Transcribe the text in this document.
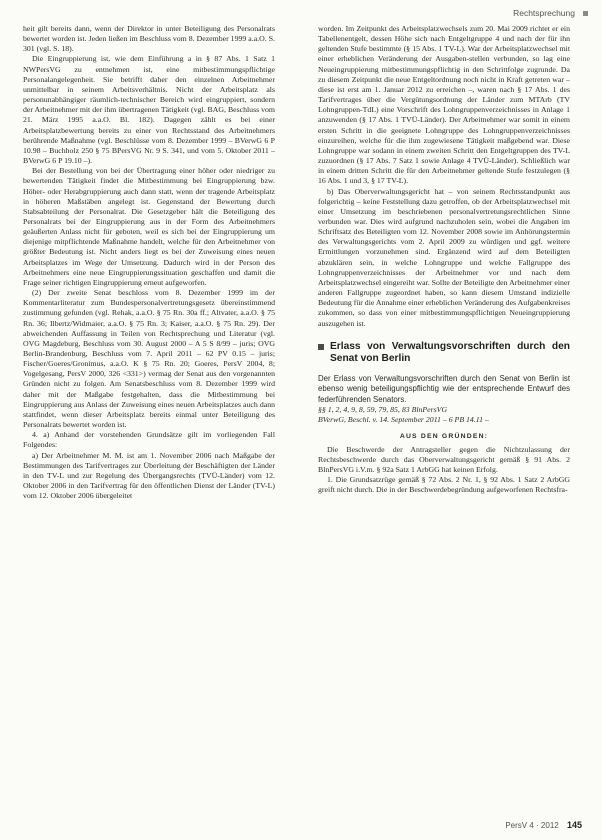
Rechtsprechung

heit gilt bereits dann, wenn der Direktor in unter Beteiligung des Personalrats bewertet worden ist. Jeden ließen im Beschluss vom 8. Dezember 1999 a.a.O. S. 301 (vgl. S. 18).

Die Eingruppierung ist, wie dem Einführung a in § 87 Abs. 1 Satz 1 NWPersVG zu entnehmen ist, eine mitbestimmungspflichtige Personalangelegenheit. Sie betrifft daher den einzelnen Arbeitnehmer unmittelbar in seinem Arbeitsverhältnis. Nicht der Arbeitsplatz als personunabhängiger räumlich-technischer Bereich wird eingruppiert, sondern der Arbeitnehmer mit der ihm übertragenen Tätigkeit (vgl. BAG, Beschluss vom 21. März 1995 a.a.O. Bl. 182). Dagegen zählt es bei einer Arbeitsplatzbewertung bereits zu einer von Rechtsstand des Arbeitnehmers berührende Maßnahme (vgl. Beschlüsse vom 8. Dezember 1999 – BVerwG 6 P 10.98 – Buchholz 250 § 75 BPersVG Nr. 9 S. 341, und vom 5. Oktober 2011 – BVerwG 6 P 19.10 –).

Bei der Bestellung von bei der Übertragung einer höher oder niedriger zu bewertenden Tätigkeit findet die Mitbestimmung bei Eingruppierung bzw. Höher- oder Herabgruppierung auch dann statt, wenn der tragende Arbeitsplatz in höheren Maßstäben angelegt ist. Gegenstand der Bewertung durch Stabsabteilung der Personalrat. Die Gesetzgeber hält die Beteiligung des Personalrats bei der Eingruppierung aus in der Form des Arbeitnehmers geäußerten Anlass nicht für geboten, weil es sich bei der Eingruppierung um diejenige mitpflichtende Maßnahme handelt, welche für den Arbeitnehmer von größter Bedeutung ist. Nicht anders liegt es bei der Zuweisung eines neuen Arbeitsplatzes im Wege der Umsetzung. Dadurch wird in der Person des Arbeitnehmers eine neue Eingruppierungssituation geschaffen und damit die Frage seiner richtigen Eingruppierung erneut aufgeworfen.

(2) Der zweite Senat beschloss vom 8. Dezember 1999 im der Kommentarliteratur zum Bundespersonalvertretungsgesetz übereinstimmend zustimmung gefunden (vgl. Rehak, a.a.O. § 75 Rn. 30a ff.; Altvater, a.a.O. § 75 Rn. 36; Ilbertz/Widmaier, a.a.O. § 75 Rn. 3; Kaiser, a.a.O. § 75 Rn. 29). Der abweichenden Auffassung in Teilen von Rechtsprechung und Literatur (vgl. OVG Magdeburg, Beschluss vom 30. August 2000 – A 5 S 8/99 – juris; OVG Berlin-Brandenburg, Beschluss vom 7. April 2011 – 62 PV 0.15 – juris; Fischer/Goeres/Gronimus, a.a.O. K § 75 Rn. 20; Goeres, PersV 2004, 8; Vogelgesang, PersV 2000, 326 <331>) vermag der Senat aus den vorgenannten Gründen nicht zu folgen. Am Senatsbeschluss vom 8. Dezember 1999 wird daher mit der Maßgabe festgehalten, dass die Mitbestimmung bei Eingruppierung aus Anlass der Zuweisung eines neuen Arbeitsplatzes auch dann stattfindet, wenn dieser Arbeitsplatz bereits einmal unter Beteiligung des Personalrats bewertet worden ist.

4. a) Anhand der vorstehenden Grundsätze gilt im vorliegenden Fall Folgendes:

a) Der Arbeitnehmer M. M. ist am 1. November 2006 nach Maßgabe der Bestimmungen des Tarifvertrages zur Überleitung der Beschäftigten der Länder in den TV-L und zur Regelung des Übergangsrechts (TVÜ-Länder) vom 12. Oktober 2006 in den Tarifvertrag für den öffentlichen Dienst der Länder (TV-L) vom 12. Oktober 2006 übergeleitet

worden. Im Zeitpunkt des Arbeitsplatzwechsels zum 20. Mai 2009 richtet er ein Tabellenentgelt, dessen Höhe sich nach Entgeltgruppe 4 und nach der für ihn geltenden Stufe bestimmte (§ 15 Abs. 1 TV-L). War der Arbeitsplatzwechsel mit einer erheblichen Veränderung der Ausgaben-stellen verbunden, so lag eine Neueingruppierung mitbestimmungspflichtig in den Schrittfolge zugrunde. Da zu diesem Zeitpunkt die neue Entgeltordnung noch nicht in Kraft getreten war – diese ist erst am 1. Januar 2012 zu erreichen –, waren nach § 17 Abs. 1 des Tarifvertrages über die Vergütungsordnung der Länder zum MTArb (TV Lohngruppen-TdL) eine Vorschrift des Lohngruppenverzeichnisses in Anlage 1 anzuwenden (§ 17 Abs. 1 TVÜ-Länder). Der Arbeitnehmer war somit in einem ersten Schritt in die geeignete Lohngruppe des Lohngruppenverzeichnisses einzureihen, welche für die ihm zugewiesene Tätigkeit maßgebend war. Diese Lohngruppe war sodann in einem zweiten Schritt den Entgeltgruppen des TV-L zuzuordnen (§ 17 Abs. 7 Satz 1 sowie Anlage 4 TVÜ-Länder). Schließlich war in einem dritten Schritt die für den Arbeitnehmer geltende Stufe festzulegen (§ 16 Abs. 1 und 3, § 17 TV-L).

b) Das Oberverwaltungsgericht hat – von seinem Rechtsstandpunkt aus folgerichtig – keine Feststellung dazu getroffen, ob der Arbeitsplatzwechsel mit einer Umsetzung im beschriebenen personalvertretungsrechtlichen Sinne verbunden war. Dies wird aufgrund nachzuholen sein, wobei die Angaben im Schriftsatz des Beteiligten vom 12. November 2008 sowie im Anhörungstermin des Verwaltungsgerichts vom 2. April 2009 zu würdigen und ggf. weitere Ermittlungen vorzunehmen sind. Ergänzend wird auf dem Beteiligten abzuklären sein, in welche Lohngruppe und welche Fallgruppe des Lohngruppenverzeichnisses der Arbeitnehmer vor und nach dem Arbeitsplatzwechsel eingereiht war. Sollte der Beteiligte den Arbeitnehmer einer anderen Fallgruppe zugeordnet haben, so kann diesem Umstand indizielle Bedeutung für die Annahme einer erheblichen Veränderung des Aufgabenkreises zukommen, so dass von einer mitbestimmungspflichtigen Neueingruppierung auszugehen ist.

Erlass von Verwaltungsvorschriften durch den Senat von Berlin

Der Erlass von Verwaltungsvorschriften durch den Senat von Berlin ist ebenso wenig beteiligungspflichtig wie der entsprechende Entwurf des federführenden Senators.

§§ 1, 2, 4, 9, 8, 59, 79, 85, 83 BlnPersVG

BVerwG, Beschl. v. 14. September 2011 – 6 PB 14.11 –

AUS DEN GRÜNDEN:

Die Beschwerde der Antragsteller gegen die Nichtzulassung der Rechtsbeschwerde durch das Oberverwaltungsgericht gemäß § 91 Abs. 2 BlnPersVG i.V.m. § 92a Satz 1 ArbGG hat keinen Erfolg.

1. Die Grundsatzrüge gemäß § 72 Abs. 2 Nr. 1, § 92 Abs. 1 Satz 2 ArbGG greift nicht durch. Die in der Beschwerdebegründung aufgeworfenen Rechtsfra-

PersV 4 · 2012 145
